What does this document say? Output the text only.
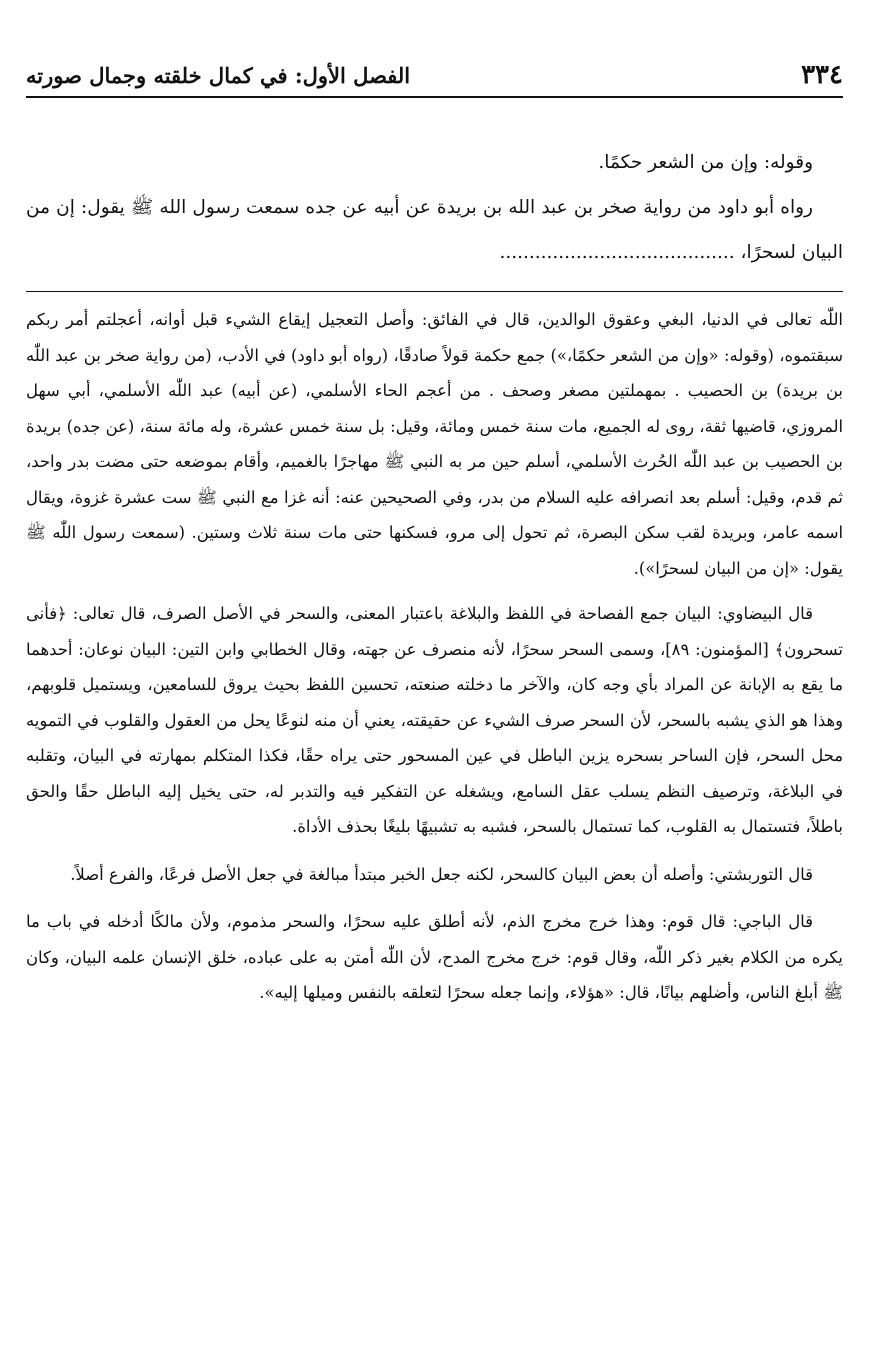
٣٣٤
الفصل الأول: في كمال خلقته وجمال صورته

وقوله: وإن من الشعر حكمًا.

رواه أبو داود من رواية صخر بن عبد الله بن بريدة عن أبيه عن جده سمعت رسول الله ﷺ يقول: إن من البيان لسحرًا، ........................................

اللّٰه تعالى في الدنيا، البغي وعقوق الوالدين، قال في الفائق: وأصل التعجيل إيقاع الشيء قبل أوانه، أعجلتم أمر ربكم سبقتموه، (وقوله: «وإن من الشعر حكمًا،») جمع حكمة قولاً صادقًا، (رواه أبو داود) في الأدب، (من رواية صخر بن عبد اللّٰه بن بريدة) بن الحصيب . بمهملتين مصغر وصحف . من أعجم الحاء الأسلمي، (عن أبيه) عبد اللّٰه الأسلمي، أبي سهل المروزي، قاضيها ثقة، روى له الجميع، مات سنة خمس ومائة، وقيل: بل سنة خمس عشرة، وله مائة سنة، (عن جده) بريدة بن الحصيب بن عبد اللّٰه الحُرث الأسلمي، أسلم حين مر به النبي ﷺ مهاجرًا بالغميم، وأقام بموضعه حتى مضت بدر واحد، ثم قدم، وقيل: أسلم بعد انصرافه عليه السلام من بدر، وفي الصحيحين عنه: أنه غزا مع النبي ﷺ ست عشرة غزوة، ويقال اسمه عامر، وبريدة لقب سكن البصرة، ثم تحول إلى مرو، فسكنها حتى مات سنة ثلاث وستين. (سمعت رسول اللّٰه ﷺ يقول: «إن من البيان لسحرًا»).

قال البيضاوي: البيان جمع الفصاحة في اللفظ والبلاغة باعتبار المعنى، والسحر في الأصل الصرف، قال تعالى: ﴿فأنى تسحرون﴾ [المؤمنون: ٨٩]، وسمى السحر سحرًا، لأنه منصرف عن جهته، وقال الخطابي وابن التين: البيان نوعان: أحدهما ما يقع به الإبانة عن المراد بأي وجه كان، والآخر ما دخلته صنعته، تحسين اللفظ بحيث يروق للسامعين، ويستميل قلوبهم، وهذا هو الذي يشبه بالسحر، لأن السحر صرف الشيء عن حقيقته، يعني أن منه لنوعًا يحل من العقول والقلوب في التمويه محل السحر، فإن الساحر بسحره يزين الباطل في عين المسحور حتى يراه حقًا، فكذا المتكلم بمهارته في البيان، وتقلبه في البلاغة، وترصيف النظم يسلب عقل السامع، ويشغله عن التفكير فيه والتدبر له، حتى يخيل إليه الباطل حقًا والحق باطلاً، فتستمال به القلوب، كما تستمال بالسحر، فشبه به تشبيهًا بليغًا بحذف الأداة.

قال التوربشتي: وأصله أن بعض البيان كالسحر، لكنه جعل الخبر مبتدأ مبالغة في جعل الأصل فرعًا، والفرع أصلاً.

قال الباجي: قال قوم: وهذا خرج مخرج الذم، لأنه أطلق عليه سحرًا، والسحر مذموم، ولأن مالكًا أدخله في باب ما يكره من الكلام بغير ذكر اللّٰه، وقال قوم: خرج مخرج المدح، لأن اللّٰه أمتن به على عباده، خلق الإنسان علمه البيان، وكان ﷺ أبلغ الناس، وأضلهم بيانًا، قال: «هؤلاء، وإنما جعله سحرًا لتعلقه بالنفس وميلها إليه».
